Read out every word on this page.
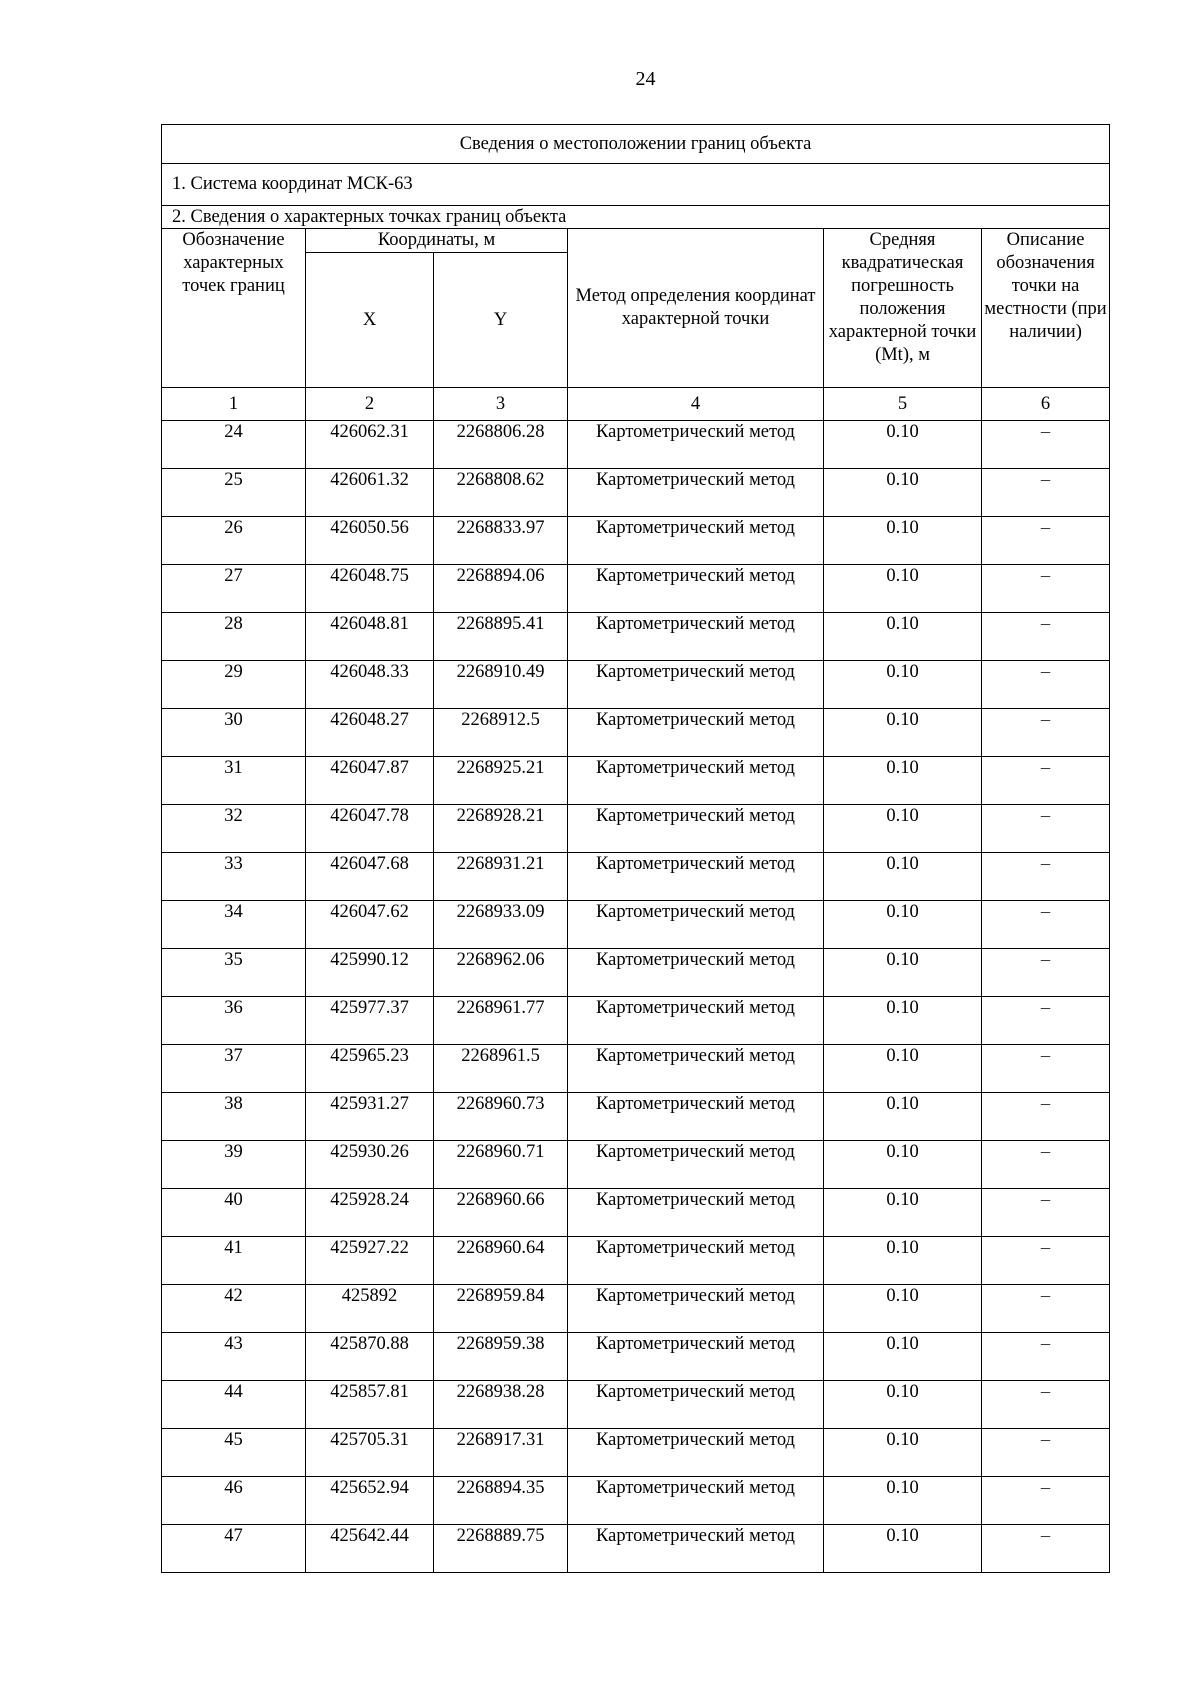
24
Сведения о местоположении границ объекта					
1. Система координат МСК-63					
2. Сведения о характерных точках границ объекта					
Обозначение характерных точек границ	Координаты, м		Метод определения координат характерной точки	Средняя квадратическая погрешность положения характерной точки (Mt), м	Описание обозначения точки на местности (при наличии)
	X	Y			
1	2	3	4	5	6
24	426062.31	2268806.28	Картометрический метод	0.10	–
25	426061.32	2268808.62	Картометрический метод	0.10	–
26	426050.56	2268833.97	Картометрический метод	0.10	–
27	426048.75	2268894.06	Картометрический метод	0.10	–
28	426048.81	2268895.41	Картометрический метод	0.10	–
29	426048.33	2268910.49	Картометрический метод	0.10	–
30	426048.27	2268912.5	Картометрический метод	0.10	–
31	426047.87	2268925.21	Картометрический метод	0.10	–
32	426047.78	2268928.21	Картометрический метод	0.10	–
33	426047.68	2268931.21	Картометрический метод	0.10	–
34	426047.62	2268933.09	Картометрический метод	0.10	–
35	425990.12	2268962.06	Картометрический метод	0.10	–
36	425977.37	2268961.77	Картометрический метод	0.10	–
37	425965.23	2268961.5	Картометрический метод	0.10	–
38	425931.27	2268960.73	Картометрический метод	0.10	–
39	425930.26	2268960.71	Картометрический метод	0.10	–
40	425928.24	2268960.66	Картометрический метод	0.10	–
41	425927.22	2268960.64	Картометрический метод	0.10	–
42	425892	2268959.84	Картометрический метод	0.10	–
43	425870.88	2268959.38	Картометрический метод	0.10	–
44	425857.81	2268938.28	Картометрический метод	0.10	–
45	425705.31	2268917.31	Картометрический метод	0.10	–
46	425652.94	2268894.35	Картометрический метод	0.10	–
47	425642.44	2268889.75	Картометрический метод	0.10	–
